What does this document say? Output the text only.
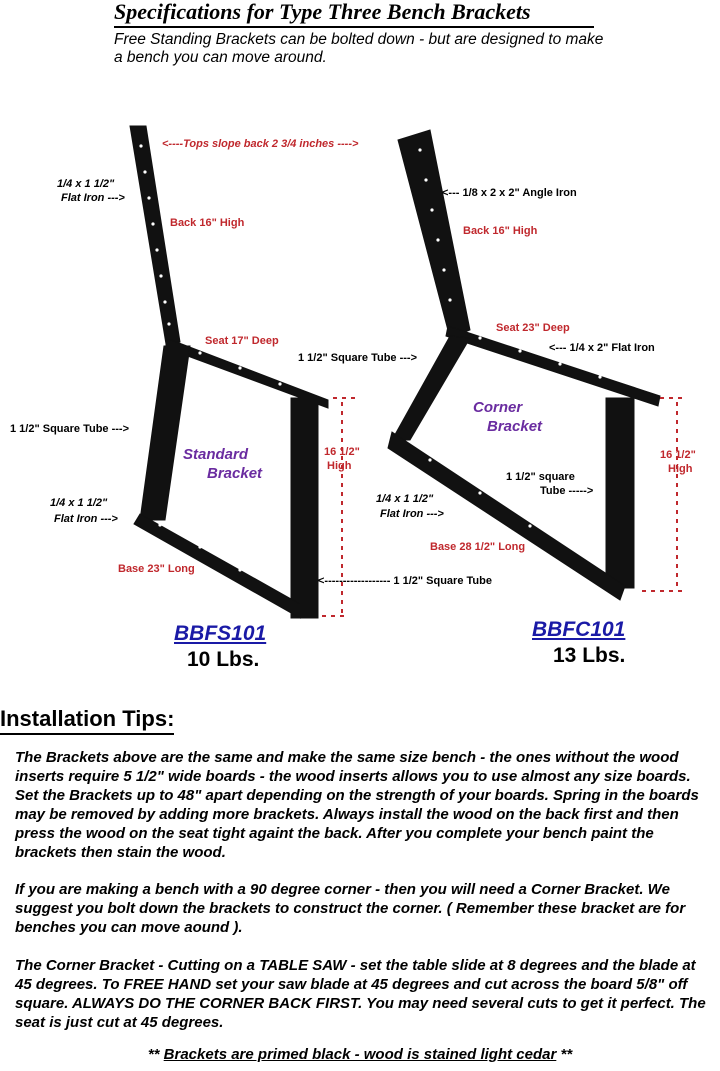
Specifications for Type Three Bench Brackets

Free Standing Brackets can be bolted down - but are designed to make a bench you can move around.

<----Tops slope back 2 3/4 inches ---->
1/4 x 1 1/2"
Flat Iron --->
Back 16" High
Seat 17" Deep
1 1/2" Square Tube --->
Standard
Bracket
16 1/2"
High
1/4 x 1 1/2"
Flat Iron --->
Base 23" Long
<------------------ 1 1/2" Square Tube
<--- 1/8 x 2 x 2" Angle Iron
Back 16" High
Seat 23" Deep
<--- 1/4 x 2" Flat Iron
1 1/2" Square Tube --->
Corner
Bracket
16 1/2"
High
1 1/2" square
Tube ----->
1/4 x 1 1/2"
Flat Iron --->
Base 28 1/2" Long
BBFS101
10 Lbs.
BBFC101
13 Lbs.
Installation Tips:

The Brackets above are the same and make the same size bench - the ones without the wood inserts require 5 1/2" wide boards - the wood inserts allows you to use almost any size boards. Set the Brackets up to 48" apart depending on the strength of your boards. Spring in the boards may be removed by adding more brackets. Always install the wood on the back first and then press the wood on the seat tight againt the back. After you complete your bench paint the brackets then stain the wood.

If you are making a bench with a 90 degree corner - then you will need a Corner Bracket. We suggest you bolt down the brackets to construct the corner. ( Remember these bracket are for benches you can move aound ).

The Corner Bracket - Cutting on a TABLE SAW - set the table slide at 8 degrees and the blade at 45 degrees. To FREE HAND set your saw blade at 45 degrees and cut across the board 5/8" off square. ALWAYS DO THE CORNER BACK FIRST. You may need several cuts to get it perfect. The seat is just cut at 45 degrees.

** Brackets are primed black - wood is stained light cedar **
